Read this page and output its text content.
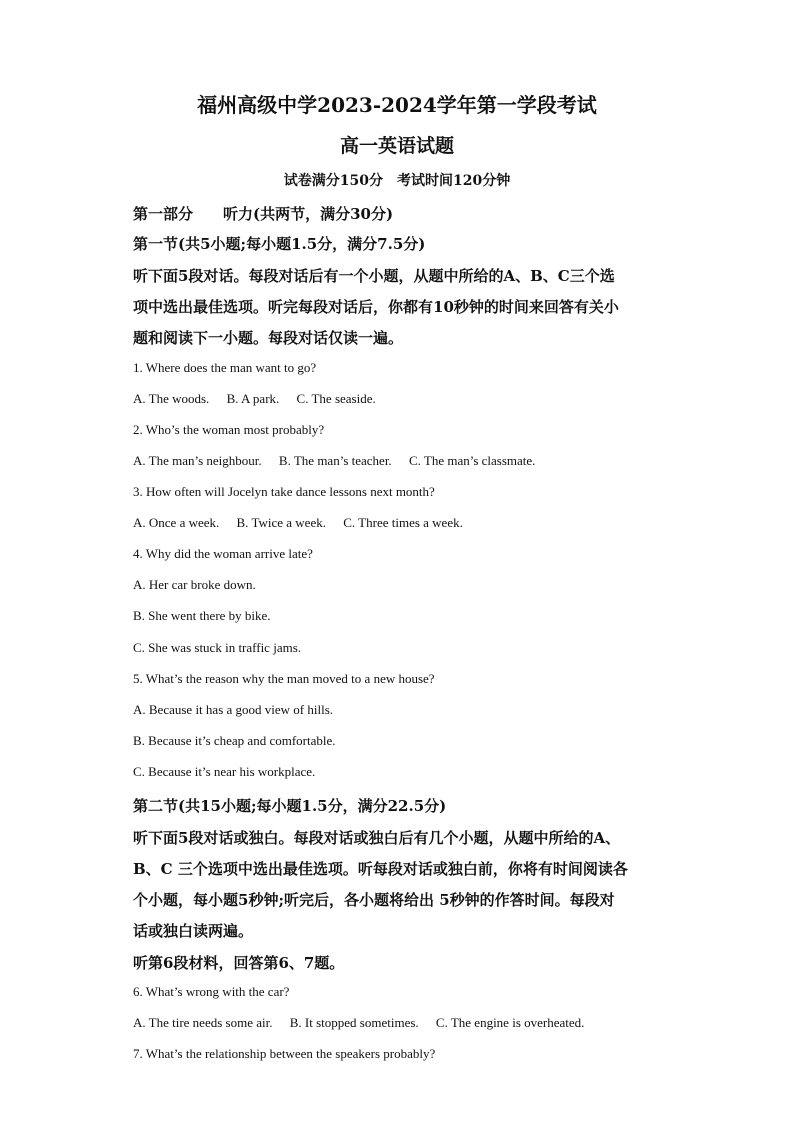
福州高级中学2023-2024学年第一学段考试
高一英语试题
试卷满分150分　考试时间120分钟
第一部分　　听力(共两节，满分30分)
第一节(共5小题;每小题1.5分，满分7.5分)
听下面5段对话。每段对话后有一个小题，从题中所给的A、B、C三个选
项中选出最佳选项。听完每段对话后，你都有10秒钟的时间来回答有关小
题和阅读下一小题。每段对话仅读一遍。
1. Where does the man want to go?
A. The woods. B. A park. C. The seaside.
2. Who’s the woman most probably?
A. The man’s neighbour. B. The man’s teacher. C. The man’s classmate.
3. How often will Jocelyn take dance lessons next month?
A. Once a week. B. Twice a week. C. Three times a week.
4. Why did the woman arrive late?
A. Her car broke down.
B. She went there by bike.
C. She was stuck in traffic jams.
5. What’s the reason why the man moved to a new house?
A. Because it has a good view of hills.
B. Because it’s cheap and comfortable.
C. Because it’s near his workplace.
第二节(共15小题;每小题1.5分，满分22.5分)
听下面5段对话或独白。每段对话或独白后有几个小题，从题中所给的A、
B、C 三个选项中选出最佳选项。听每段对话或独白前，你将有时间阅读各
个小题，每小题5秒钟;听完后，各小题将给出 5秒钟的作答时间。每段对
话或独白读两遍。
听第6段材料，回答第6、7题。
6. What’s wrong with the car?
A. The tire needs some air. B. It stopped sometimes. C. The engine is overheated.
7. What’s the relationship between the speakers probably?
